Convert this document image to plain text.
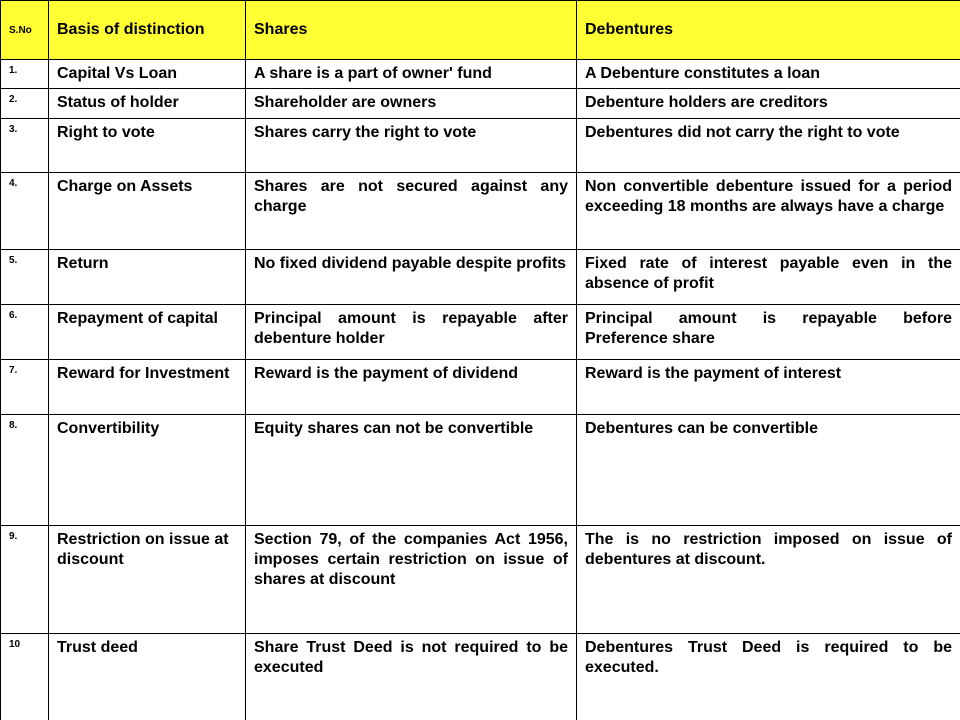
S.No	Basis of distinction	Shares	Debentures
1.	Capital Vs Loan	A share is a part of owner' fund	A Debenture constitutes a loan
2.	Status of holder	Shareholder are owners	Debenture holders are creditors
3.	Right to vote	Shares carry the right to vote	Debentures did not carry the right to vote
4.	Charge on Assets	Shares are not secured against any charge	Non convertible debenture issued for a period exceeding 18 months are always have a charge
5.	Return	No fixed dividend payable despite profits	Fixed rate of interest payable even in the absence of profit
6.	Repayment of capital	Principal amount is repayable after debenture holder	Principal amount is repayable before Preference share
7.	Reward for Investment	Reward is the payment of dividend	Reward is the payment of interest
8.	Convertibility	Equity shares can not be convertible	Debentures can be convertible
9.	Restriction on issue at discount	Section 79, of the companies Act 1956, imposes certain restriction on issue of shares at discount	The is no restriction imposed on issue of debentures at discount.
10	Trust deed	Share Trust Deed is not required to be executed	Debentures Trust Deed is required to be executed.
